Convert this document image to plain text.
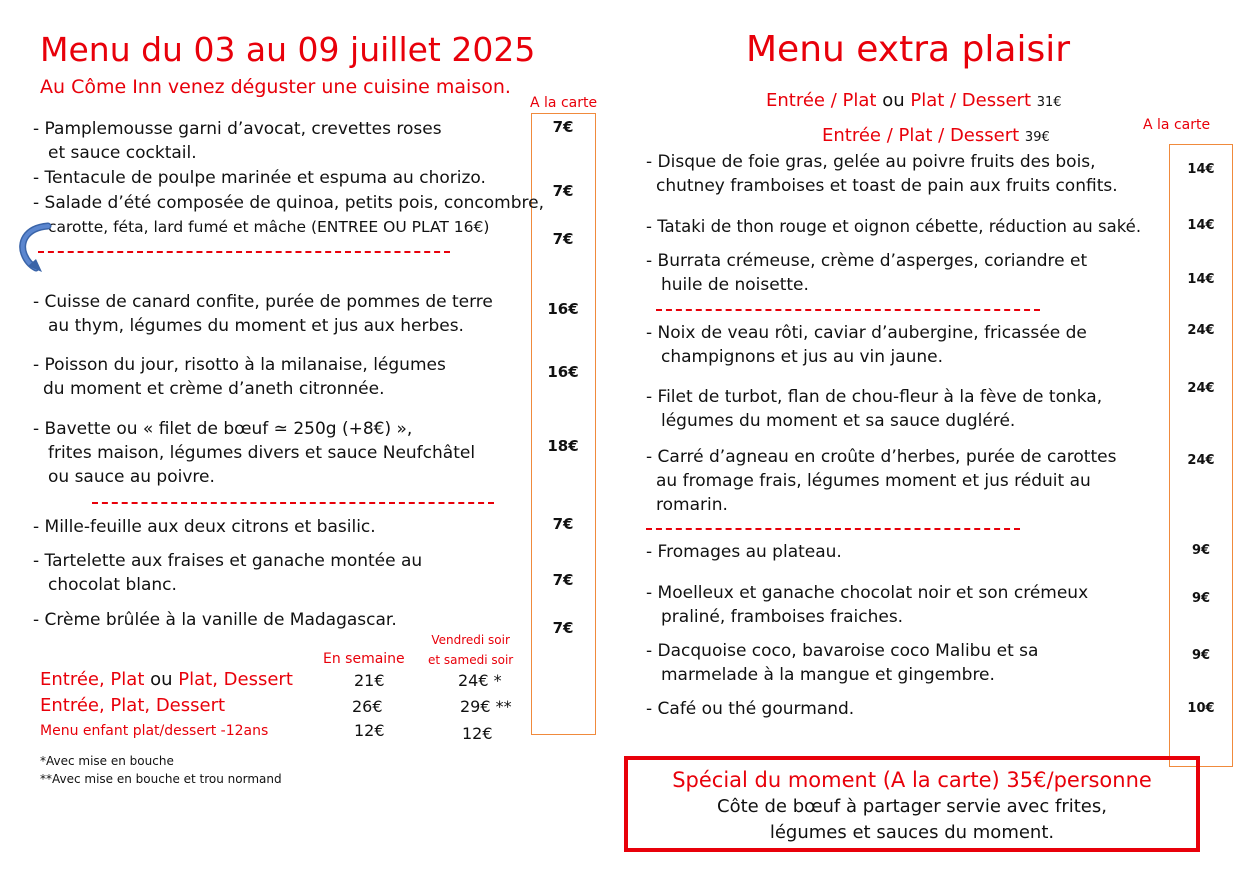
Menu du 03 au 09 juillet 2025
Au Côme Inn venez déguster une cuisine maison.
A la carte
- Pamplemousse garni d’avocat, crevettes roses
et sauce cocktail.
7€
- Tentacule de poulpe marinée et espuma au chorizo.
7€
- Salade d’été composée de quinoa, petits pois, concombre,
carotte, féta, lard fumé et mâche (ENTREE OU PLAT 16€)
7€
- Cuisse de canard confite, purée de pommes de terre
au thym, légumes du moment et jus aux herbes.
16€
- Poisson du jour, risotto à la milanaise, légumes
du moment et crème d’aneth citronnée.
16€
- Bavette ou « filet de bœuf ≃ 250g (+8€) »,
frites maison, légumes divers et sauce Neufchâtel
ou sauce au poivre.
18€
- Mille-feuille aux deux citrons et basilic.	7€
- Tartelette aux fraises et ganache montée au
chocolat blanc.	7€
- Crème brûlée à la vanille de Madagascar.	7€
En semaine
Vendredi soir
et samedi soir
Entrée, Plat ou Plat, Dessert	21€	24€ *
Entrée, Plat, Dessert	26€	29€ **
Menu enfant plat/dessert -12ans	12€	12€
*Avec mise en bouche
**Avec mise en bouche et trou normand
Menu extra plaisir
Entrée / Plat ou Plat / Dessert 31€
Entrée / Plat / Dessert 39€
A la carte
- Disque de foie gras, gelée au poivre fruits des bois,
chutney framboises et toast de pain aux fruits confits.
14€
- Tataki de thon rouge et oignon cébette, réduction au saké.	14€
- Burrata crémeuse, crème d’asperges, coriandre et
huile de noisette.	14€
- Noix de veau rôti, caviar d’aubergine, fricassée de
champignons et jus au vin jaune.
24€
- Filet de turbot, flan de chou-fleur à la fève de tonka,
légumes du moment et sa sauce dugléré.
24€
- Carré d’agneau en croûte d’herbes, purée de carottes
au fromage frais, légumes moment et jus réduit au
romarin.
24€
- Fromages au plateau.	9€
- Moelleux et ganache chocolat noir et son crémeux
praliné, framboises fraiches.
9€
- Dacquoise coco, bavaroise coco Malibu et sa
marmelade à la mangue et gingembre.
9€
- Café ou thé gourmand.	10€
Spécial du moment (A la carte) 35€/personne
Côte de bœuf à partager servie avec frites,
légumes et sauces du moment.
